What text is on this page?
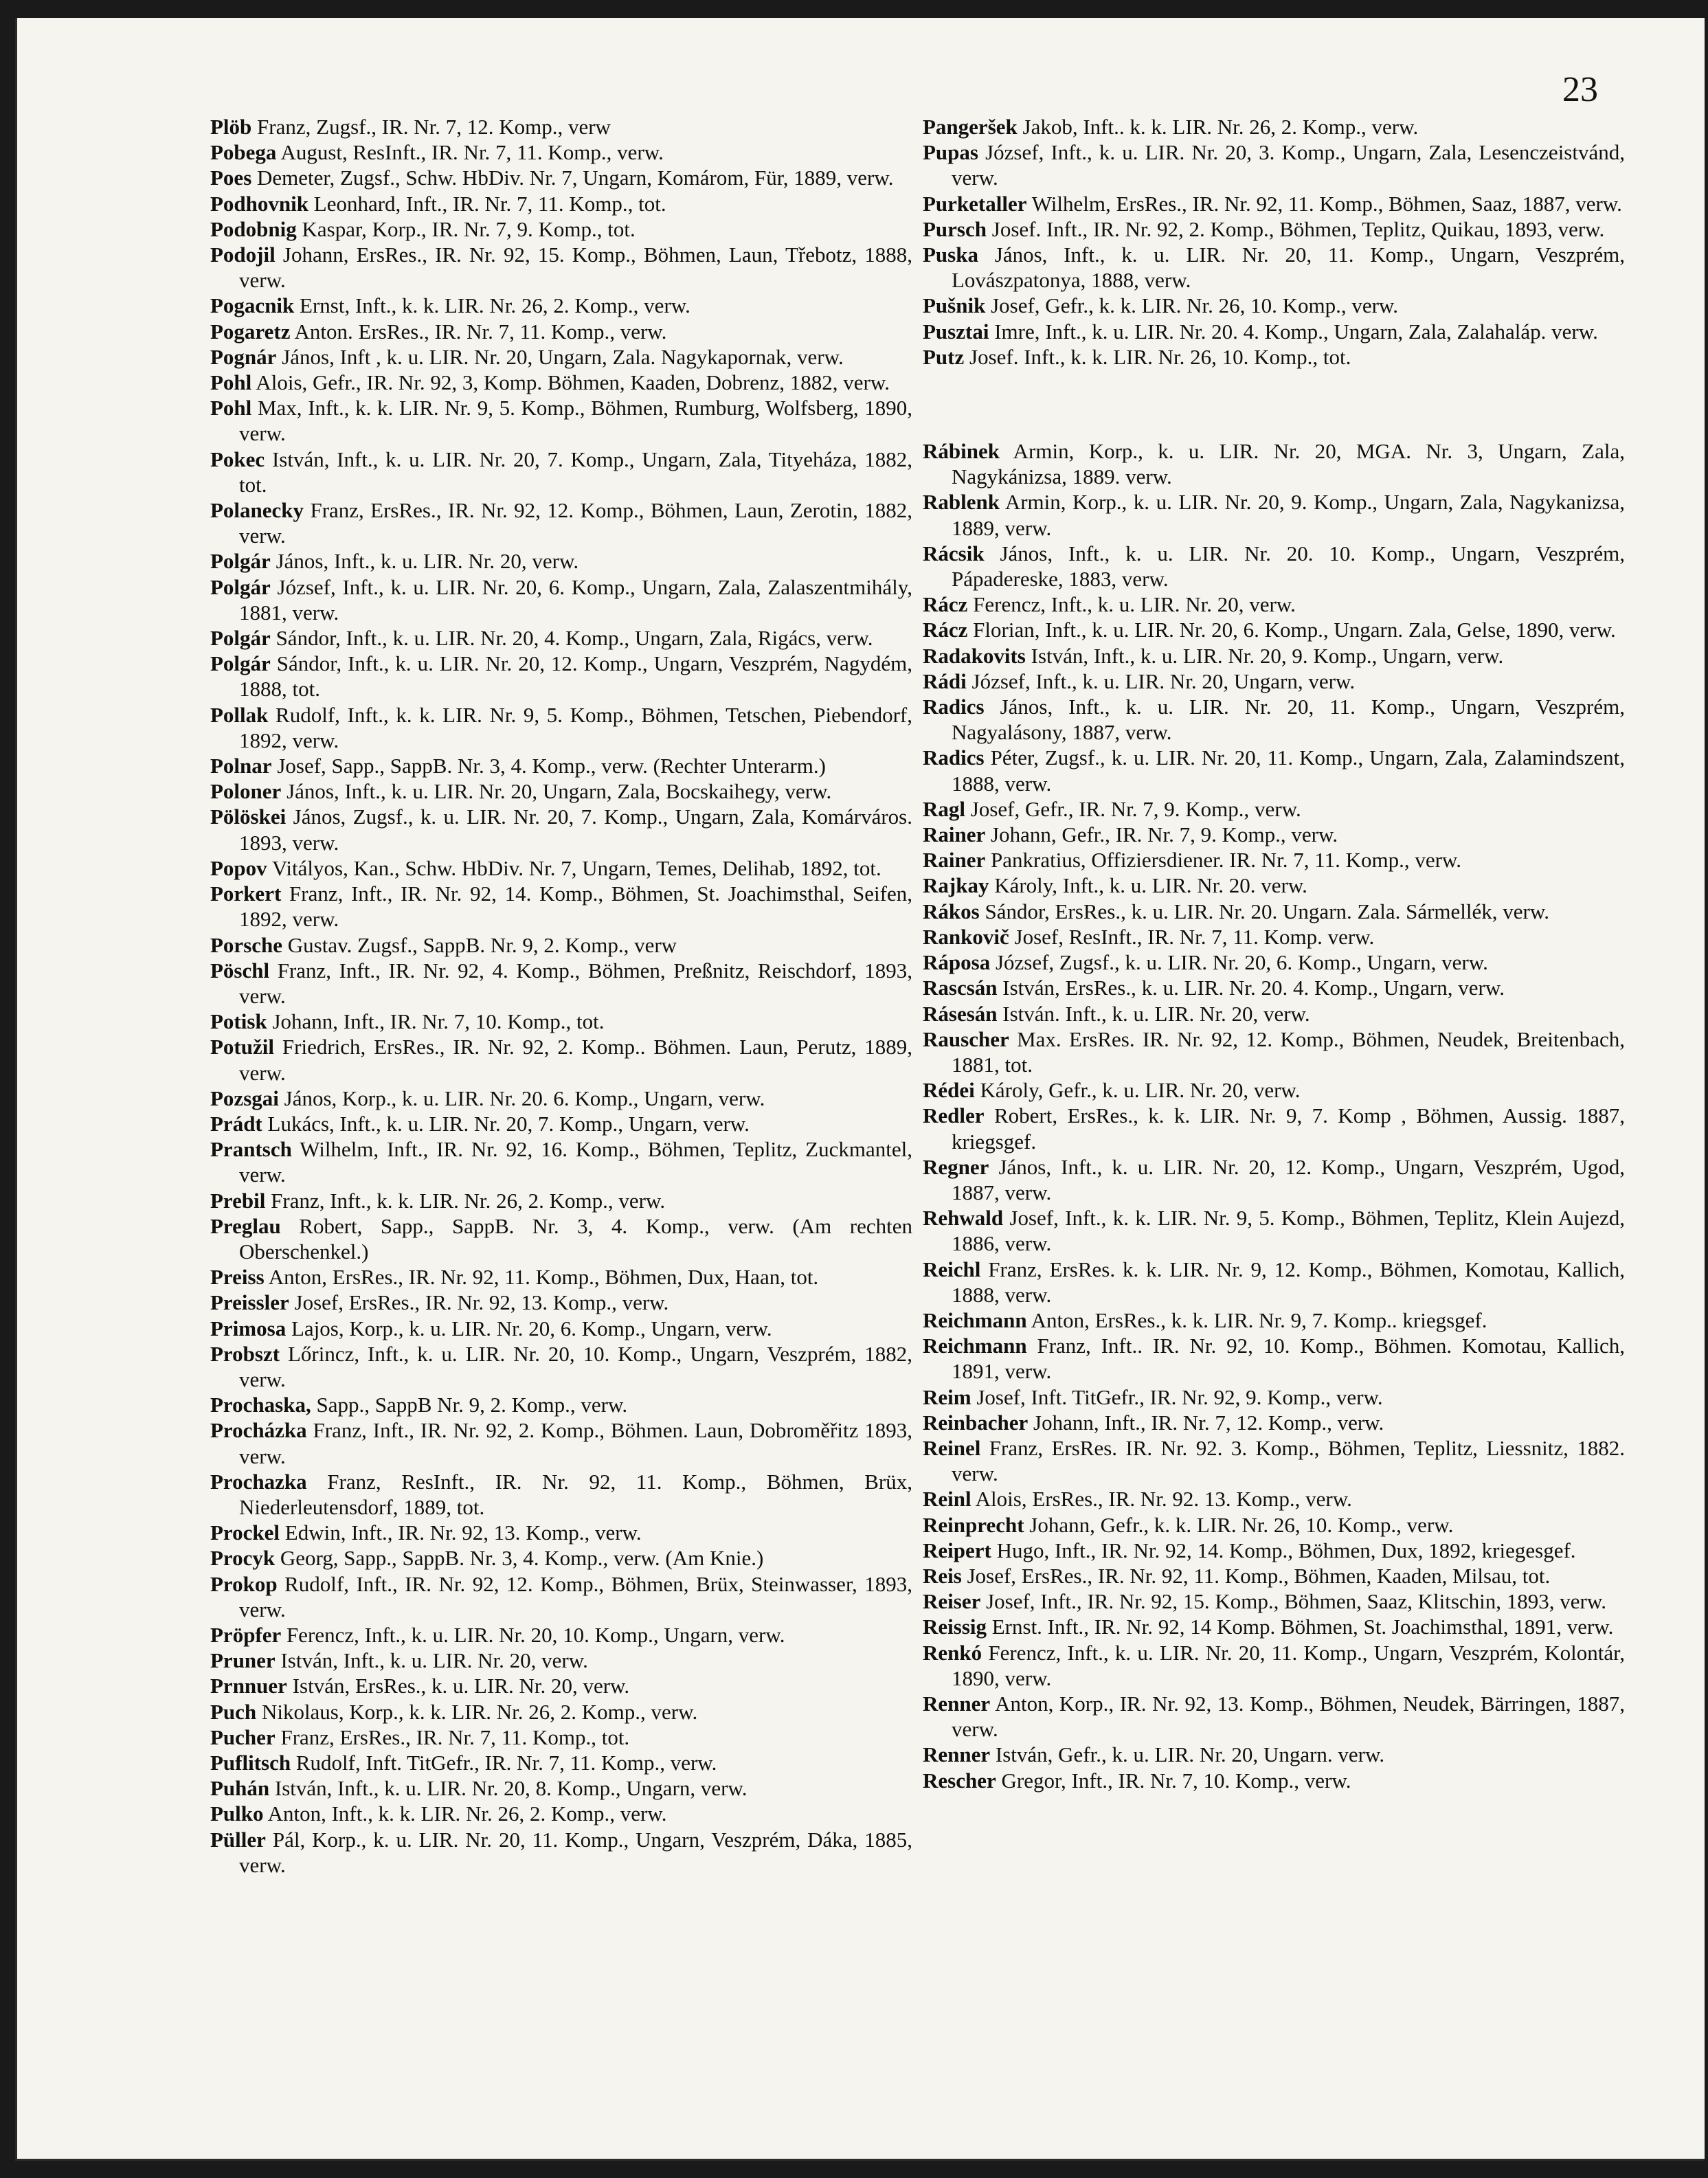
23

Plöb Franz, Zugsf., IR. Nr. 7, 12. Komp., verw

Pobega August, ResInft., IR. Nr. 7, 11. Komp., verw.

Poes Demeter, Zugsf., Schw. HbDiv. Nr. 7, Ungarn, Komárom, Für, 1889, verw.

Podhovnik Leonhard, Inft., IR. Nr. 7, 11. Komp., tot.

Podobnig Kaspar, Korp., IR. Nr. 7, 9. Komp., tot.

Podojil Johann, ErsRes., IR. Nr. 92, 15. Komp., Böhmen, Laun, Třebotz, 1888, verw.

Pogacnik Ernst, Inft., k. k. LIR. Nr. 26, 2. Komp., verw.

Pogaretz Anton. ErsRes., IR. Nr. 7, 11. Komp., verw.

Pognár János, Inft , k. u. LIR. Nr. 20, Ungarn, Zala. Nagykapornak, verw.

Pohl Alois, Gefr., IR. Nr. 92, 3, Komp. Böhmen, Kaaden, Dobrenz, 1882, verw.

Pohl Max, Inft., k. k. LIR. Nr. 9, 5. Komp., Böhmen, Rumburg, Wolfsberg, 1890, verw.

Pokec István, Inft., k. u. LIR. Nr. 20, 7. Komp., Ungarn, Zala, Tityeháza, 1882, tot.

Polanecky Franz, ErsRes., IR. Nr. 92, 12. Komp., Böhmen, Laun, Zerotin, 1882, verw.

Polgár János, Inft., k. u. LIR. Nr. 20, verw.

Polgár József, Inft., k. u. LIR. Nr. 20, 6. Komp., Ungarn, Zala, Zalaszentmihály, 1881, verw.

Polgár Sándor, Inft., k. u. LIR. Nr. 20, 4. Komp., Ungarn, Zala, Rigács, verw.

Polgár Sándor, Inft., k. u. LIR. Nr. 20, 12. Komp., Ungarn, Veszprém, Nagydém, 1888, tot.

Pollak Rudolf, Inft., k. k. LIR. Nr. 9, 5. Komp., Böhmen, Tetschen, Piebendorf, 1892, verw.

Polnar Josef, Sapp., SappB. Nr. 3, 4. Komp., verw. (Rechter Unterarm.)

Poloner János, Inft., k. u. LIR. Nr. 20, Ungarn, Zala, Bocskaihegy, verw.

Pölöskei János, Zugsf., k. u. LIR. Nr. 20, 7. Komp., Ungarn, Zala, Komárváros. 1893, verw.

Popov Vitályos, Kan., Schw. HbDiv. Nr. 7, Ungarn, Temes, Delihab, 1892, tot.

Porkert Franz, Inft., IR. Nr. 92, 14. Komp., Böhmen, St. Joachimsthal, Seifen, 1892, verw.

Porsche Gustav. Zugsf., SappB. Nr. 9, 2. Komp., verw

Pöschl Franz, Inft., IR. Nr. 92, 4. Komp., Böhmen, Preßnitz, Reischdorf, 1893, verw.

Potisk Johann, Inft., IR. Nr. 7, 10. Komp., tot.

Potužil Friedrich, ErsRes., IR. Nr. 92, 2. Komp.. Böhmen. Laun, Perutz, 1889, verw.

Pozsgai János, Korp., k. u. LIR. Nr. 20. 6. Komp., Ungarn, verw.

Prádt Lukács, Inft., k. u. LIR. Nr. 20, 7. Komp., Ungarn, verw.

Prantsch Wilhelm, Inft., IR. Nr. 92, 16. Komp., Böhmen, Teplitz, Zuckmantel, verw.

Prebil Franz, Inft., k. k. LIR. Nr. 26, 2. Komp., verw.

Preglau Robert, Sapp., SappB. Nr. 3, 4. Komp., verw. (Am rechten Oberschenkel.)

Preiss Anton, ErsRes., IR. Nr. 92, 11. Komp., Böhmen, Dux, Haan, tot.

Preissler Josef, ErsRes., IR. Nr. 92, 13. Komp., verw.

Primosa Lajos, Korp., k. u. LIR. Nr. 20, 6. Komp., Ungarn, verw.

Probszt Lőrincz, Inft., k. u. LIR. Nr. 20, 10. Komp., Ungarn, Veszprém, 1882, verw.

Prochaska, Sapp., SappB Nr. 9, 2. Komp., verw.

Procházka Franz, Inft., IR. Nr. 92, 2. Komp., Böhmen. Laun, Dobroměřitz 1893, verw.

Prochazka Franz, ResInft., IR. Nr. 92, 11. Komp., Böhmen, Brüx, Niederleutensdorf, 1889, tot.

Prockel Edwin, Inft., IR. Nr. 92, 13. Komp., verw.

Procyk Georg, Sapp., SappB. Nr. 3, 4. Komp., verw. (Am Knie.)

Prokop Rudolf, Inft., IR. Nr. 92, 12. Komp., Böhmen, Brüx, Steinwasser, 1893, verw.

Pröpfer Ferencz, Inft., k. u. LIR. Nr. 20, 10. Komp., Ungarn, verw.

Pruner István, Inft., k. u. LIR. Nr. 20, verw.

Prnnuer István, ErsRes., k. u. LIR. Nr. 20, verw.

Puch Nikolaus, Korp., k. k. LIR. Nr. 26, 2. Komp., verw.

Pucher Franz, ErsRes., IR. Nr. 7, 11. Komp., tot.

Puflitsch Rudolf, Inft. TitGefr., IR. Nr. 7, 11. Komp., verw.

Puhán István, Inft., k. u. LIR. Nr. 20, 8. Komp., Ungarn, verw.

Pulko Anton, Inft., k. k. LIR. Nr. 26, 2. Komp., verw.

Püller Pál, Korp., k. u. LIR. Nr. 20, 11. Komp., Ungarn, Veszprém, Dáka, 1885, verw.

Pangeršek Jakob, Inft.. k. k. LIR. Nr. 26, 2. Komp., verw.

Pupas József, Inft., k. u. LIR. Nr. 20, 3. Komp., Ungarn, Zala, Lesenczeistvánd, verw.

Purketaller Wilhelm, ErsRes., IR. Nr. 92, 11. Komp., Böhmen, Saaz, 1887, verw.

Pursch Josef. Inft., IR. Nr. 92, 2. Komp., Böhmen, Teplitz, Quikau, 1893, verw.

Puska János, Inft., k. u. LIR. Nr. 20, 11. Komp., Ungarn, Veszprém, Lovászpatonya, 1888, verw.

Pušnik Josef, Gefr., k. k. LIR. Nr. 26, 10. Komp., verw.

Pusztai Imre, Inft., k. u. LIR. Nr. 20. 4. Komp., Ungarn, Zala, Zalahaláp. verw.

Putz Josef. Inft., k. k. LIR. Nr. 26, 10. Komp., tot.

Rábinek Armin, Korp., k. u. LIR. Nr. 20, MGA. Nr. 3, Ungarn, Zala, Nagykánizsa, 1889. verw.

Rablenk Armin, Korp., k. u. LIR. Nr. 20, 9. Komp., Ungarn, Zala, Nagykanizsa, 1889, verw.

Rácsik János, Inft., k. u. LIR. Nr. 20. 10. Komp., Ungarn, Veszprém, Pápadereske, 1883, verw.

Rácz Ferencz, Inft., k. u. LIR. Nr. 20, verw.

Rácz Florian, Inft., k. u. LIR. Nr. 20, 6. Komp., Ungarn. Zala, Gelse, 1890, verw.

Radakovits István, Inft., k. u. LIR. Nr. 20, 9. Komp., Ungarn, verw.

Rádi József, Inft., k. u. LIR. Nr. 20, Ungarn, verw.

Radics János, Inft., k. u. LIR. Nr. 20, 11. Komp., Ungarn, Veszprém, Nagyalásony, 1887, verw.

Radics Péter, Zugsf., k. u. LIR. Nr. 20, 11. Komp., Ungarn, Zala, Zalamindszent, 1888, verw.

Ragl Josef, Gefr., IR. Nr. 7, 9. Komp., verw.

Rainer Johann, Gefr., IR. Nr. 7, 9. Komp., verw.

Rainer Pankratius, Offiziersdiener. IR. Nr. 7, 11. Komp., verw.

Rajkay Károly, Inft., k. u. LIR. Nr. 20. verw.

Rákos Sándor, ErsRes., k. u. LIR. Nr. 20. Ungarn. Zala. Sármellék, verw.

Rankovič Josef, ResInft., IR. Nr. 7, 11. Komp. verw.

Ráposa József, Zugsf., k. u. LIR. Nr. 20, 6. Komp., Ungarn, verw.

Rascsán István, ErsRes., k. u. LIR. Nr. 20. 4. Komp., Ungarn, verw.

Rásesán István. Inft., k. u. LIR. Nr. 20, verw.

Rauscher Max. ErsRes. IR. Nr. 92, 12. Komp., Böhmen, Neudek, Breitenbach, 1881, tot.

Rédei Károly, Gefr., k. u. LIR. Nr. 20, verw.

Redler Robert, ErsRes., k. k. LIR. Nr. 9, 7. Komp , Böhmen, Aussig. 1887, kriegsgef.

Regner János, Inft., k. u. LIR. Nr. 20, 12. Komp., Ungarn, Veszprém, Ugod, 1887, verw.

Rehwald Josef, Inft., k. k. LIR. Nr. 9, 5. Komp., Böhmen, Teplitz, Klein Aujezd, 1886, verw.

Reichl Franz, ErsRes. k. k. LIR. Nr. 9, 12. Komp., Böhmen, Komotau, Kallich, 1888, verw.

Reichmann Anton, ErsRes., k. k. LIR. Nr. 9, 7. Komp.. kriegsgef.

Reichmann Franz, Inft.. IR. Nr. 92, 10. Komp., Böhmen. Komotau, Kallich, 1891, verw.

Reim Josef, Inft. TitGefr., IR. Nr. 92, 9. Komp., verw.

Reinbacher Johann, Inft., IR. Nr. 7, 12. Komp., verw.

Reinel Franz, ErsRes. IR. Nr. 92. 3. Komp., Böhmen, Teplitz, Liessnitz, 1882. verw.

Reinl Alois, ErsRes., IR. Nr. 92. 13. Komp., verw.

Reinprecht Johann, Gefr., k. k. LIR. Nr. 26, 10. Komp., verw.

Reipert Hugo, Inft., IR. Nr. 92, 14. Komp., Böhmen, Dux, 1892, kriegesgef.

Reis Josef, ErsRes., IR. Nr. 92, 11. Komp., Böhmen, Kaaden, Milsau, tot.

Reiser Josef, Inft., IR. Nr. 92, 15. Komp., Böhmen, Saaz, Klitschin, 1893, verw.

Reissig Ernst. Inft., IR. Nr. 92, 14 Komp. Böhmen, St. Joachimsthal, 1891, verw.

Renkó Ferencz, Inft., k. u. LIR. Nr. 20, 11. Komp., Ungarn, Veszprém, Kolontár, 1890, verw.

Renner Anton, Korp., IR. Nr. 92, 13. Komp., Böhmen, Neudek, Bärringen, 1887, verw.

Renner István, Gefr., k. u. LIR. Nr. 20, Ungarn. verw.

Rescher Gregor, Inft., IR. Nr. 7, 10. Komp., verw.
